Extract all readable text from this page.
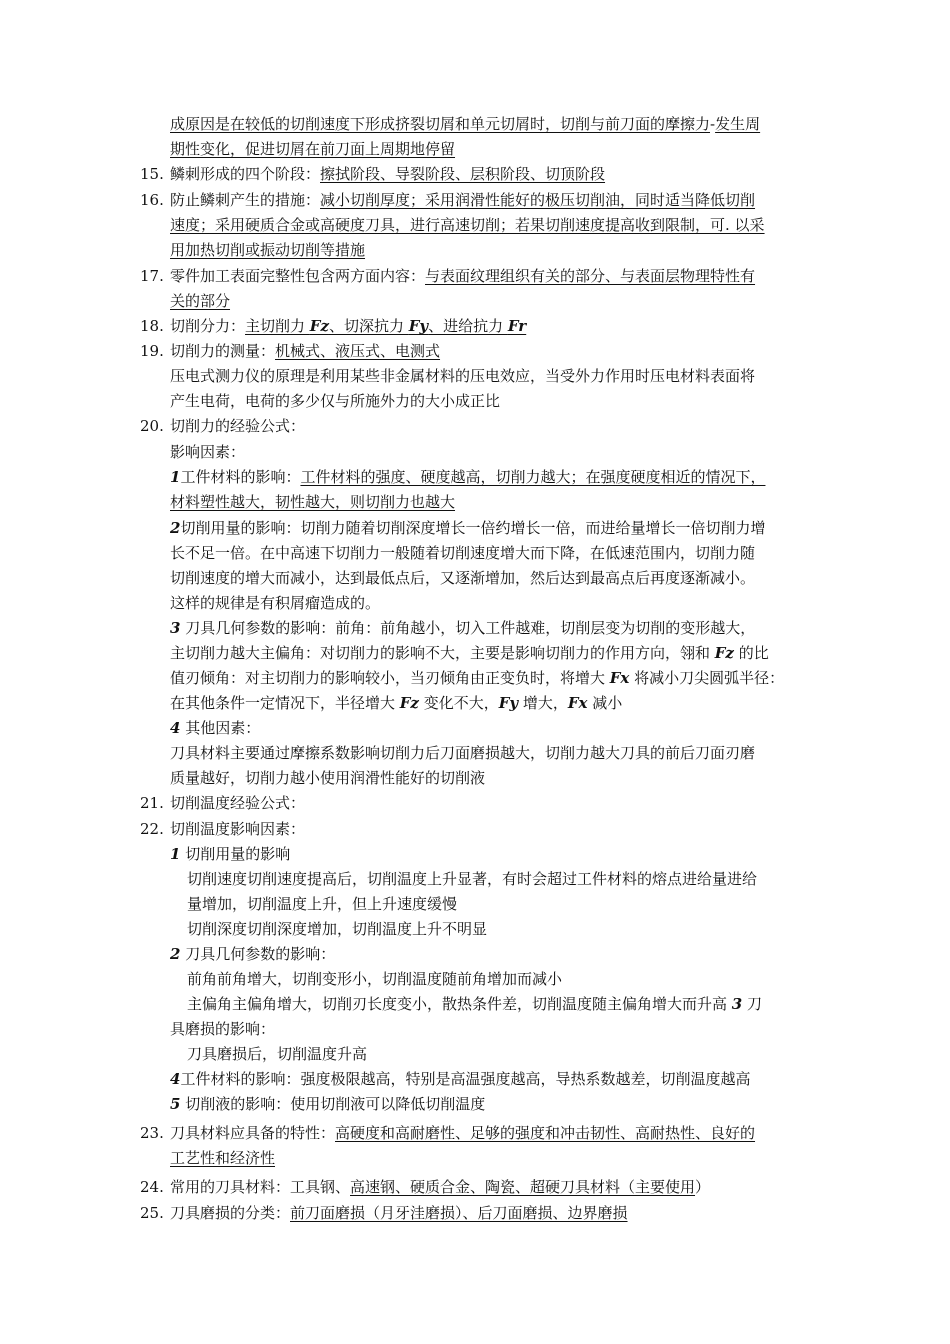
成原因是在较低的切削速度下形成挤裂切屑和单元切屑时，切削与前刀面的摩擦力-发生周
期性变化，促进切屑在前刀面上周期地停留
15. 鳞刺形成的四个阶段：擦拭阶段、导裂阶段、层积阶段、切顶阶段
16. 防止鳞刺产生的措施：减小切削厚度；采用润滑性能好的极压切削油，同时适当降低切削
速度；采用硬质合金或高硬度刀具，进行高速切削；若果切削速度提高收到限制，可. 以采
用加热切削或振动切削等措施
17. 零件加工表面完整性包含两方面内容：与表面纹理组织有关的部分、与表面层物理特性有
关的部分
18. 切削分力：主切削力 Fz、切深抗力 Fy、进给抗力 Fr
19. 切削力的测量：机械式、液压式、电测式
压电式测力仪的原理是利用某些非金属材料的压电效应，当受外力作用时压电材料表面将
产生电荷，电荷的多少仅与所施外力的大小成正比
20. 切削力的经验公式：
影响因素：
1工件材料的影响：工件材料的强度、硬度越高，切削力越大；在强度硬度相近的情况下，
材料塑性越大，韧性越大，则切削力也越大
2切削用量的影响：切削力随着切削深度增长一倍约增长一倍，而进给量增长一倍切削力增
长不足一倍。在中高速下切削力一般随着切削速度增大而下降，在低速范围内，切削力随
切削速度的增大而减小，达到最低点后，又逐渐增加，然后达到最高点后再度逐渐减小。
这样的规律是有积屑瘤造成的。
3 刀具几何参数的影响：前角：前角越小，切入工件越难，切削层变为切削的变形越大，
主切削力越大主偏角：对切削力的影响不大，主要是影响切削力的作用方向，翎和 Fz 的比
值刃倾角：对主切削力的影响较小，当刃倾角由正变负时，将增大 Fx 将减小刀尖圆弧半径：
在其他条件一定情况下，半径增大 Fz 变化不大，Fy 增大，Fx 减小
4 其他因素：
刀具材料主要通过摩擦系数影响切削力后刀面磨损越大，切削力越大刀具的前后刀面刃磨
质量越好，切削力越小使用润滑性能好的切削液
21. 切削温度经验公式：
22. 切削温度影响因素：
1 切削用量的影响
切削速度切削速度提高后，切削温度上升显著，有时会超过工件材料的熔点进给量进给
量增加，切削温度上升，但上升速度缓慢
切削深度切削深度增加，切削温度上升不明显
2 刀具几何参数的影响：
前角前角增大，切削变形小，切削温度随前角增加而减小
主偏角主偏角增大，切削刃长度变小，散热条件差，切削温度随主偏角增大而升高 3 刀
具磨损的影响：
刀具磨损后，切削温度升高
4工件材料的影响：强度极限越高，特别是高温强度越高，导热系数越差，切削温度越高
5 切削液的影响：使用切削液可以降低切削温度
23. 刀具材料应具备的特性：高硬度和高耐磨性、足够的强度和冲击韧性、高耐热性、良好的
工艺性和经济性
24. 常用的刀具材料：工具钢、高速钢、硬质合金、陶瓷、超硬刀具材料（主要使用）
25. 刀具磨损的分类：前刀面磨损（月牙洼磨损）、后刀面磨损、边界磨损
